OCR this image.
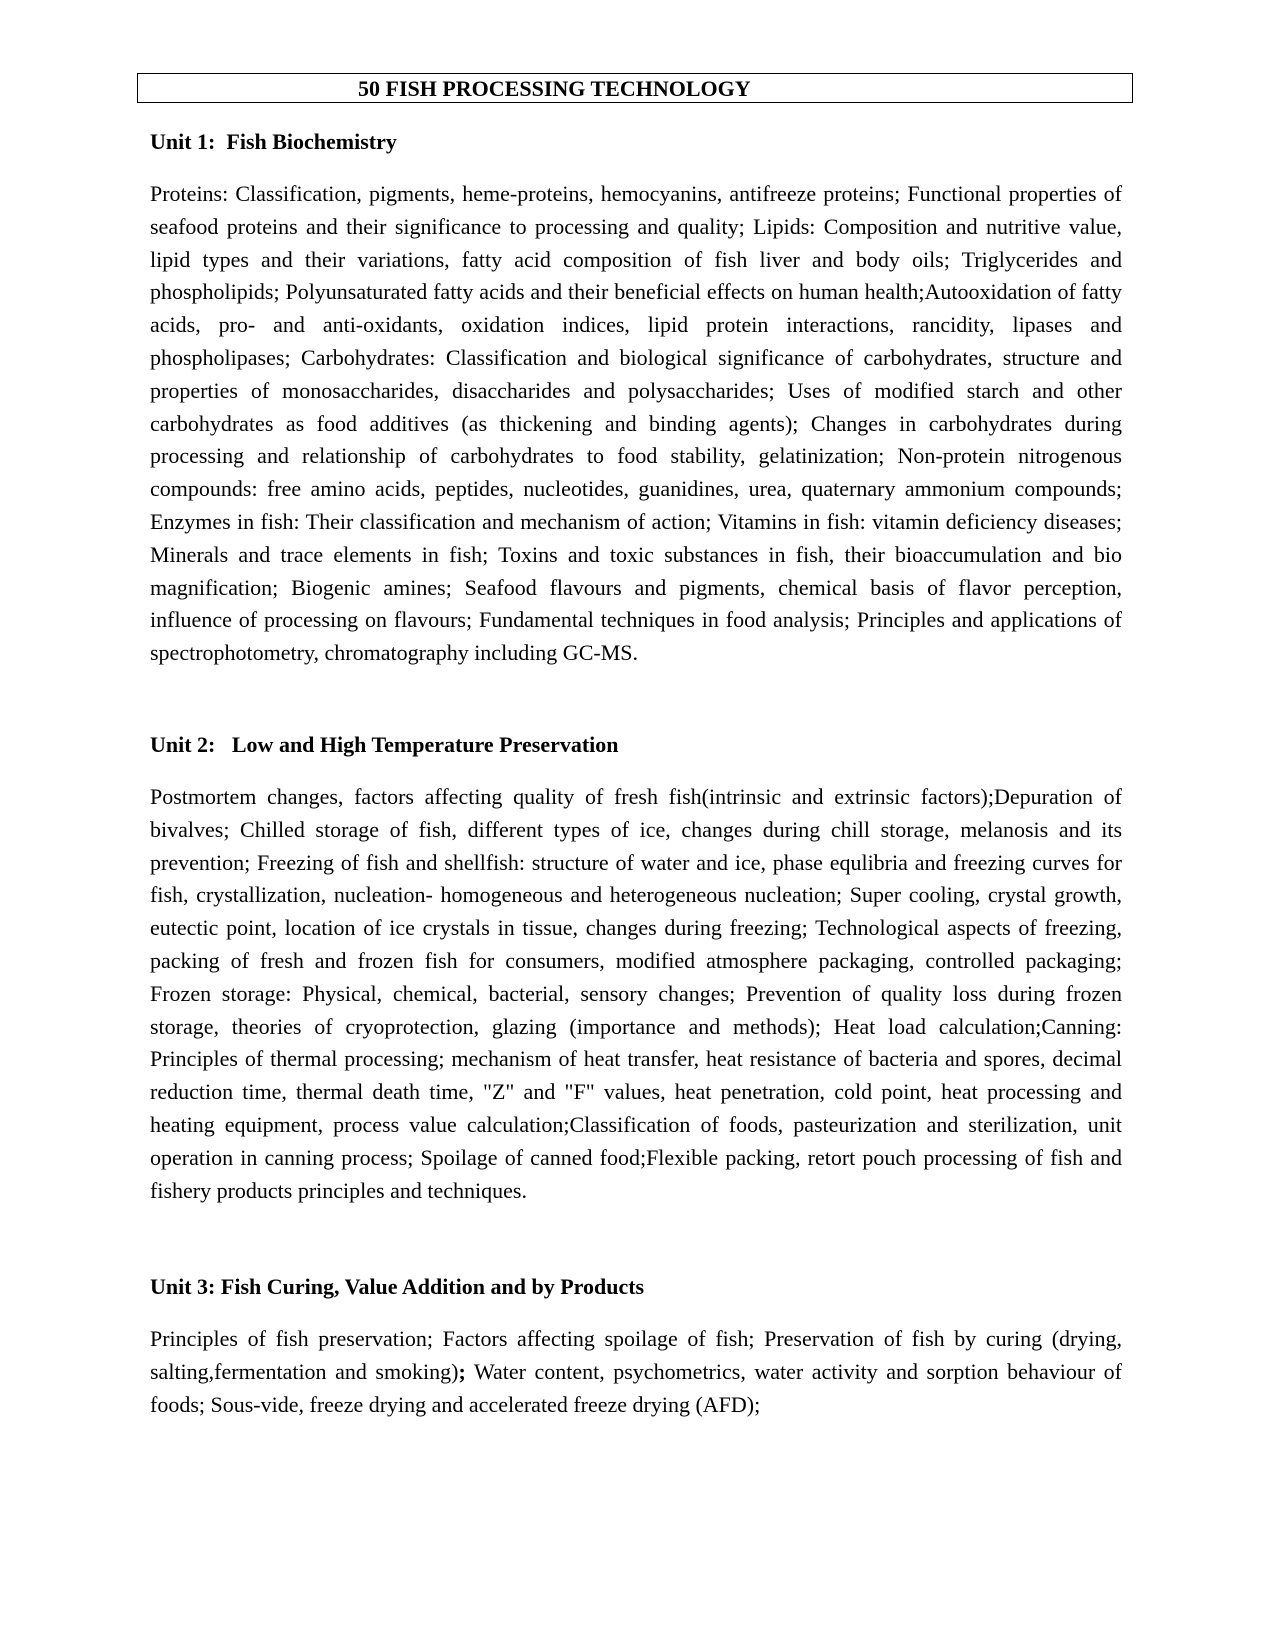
50 FISH PROCESSING TECHNOLOGY
Unit 1:  Fish Biochemistry

Proteins: Classification, pigments, heme-proteins, hemocyanins, antifreeze proteins; Functional properties of seafood proteins and their significance to processing and quality; Lipids: Composition and nutritive value, lipid types and their variations, fatty acid composition of fish liver and body oils; Triglycerides and phospholipids; Polyunsaturated fatty acids and their beneficial effects on human health;Autooxidation of fatty acids, pro- and anti-oxidants, oxidation indices, lipid protein interactions, rancidity, lipases and phospholipases; Carbohydrates: Classification and biological significance of carbohydrates, structure and properties of monosaccharides, disaccharides and polysaccharides; Uses of modified starch and other carbohydrates as food additives (as thickening and binding agents); Changes in carbohydrates during processing and relationship of carbohydrates to food stability, gelatinization; Non-protein nitrogenous compounds: free amino acids, peptides, nucleotides, guanidines, urea, quaternary ammonium compounds; Enzymes in fish: Their classification and mechanism of action; Vitamins in fish: vitamin deficiency diseases; Minerals and trace elements in fish; Toxins and toxic substances in fish, their bioaccumulation and bio magnification; Biogenic amines; Seafood flavours and pigments, chemical basis of flavor perception, influence of processing on flavours; Fundamental techniques in food analysis; Principles and applications of spectrophotometry, chromatography including GC-MS.

Unit 2:   Low and High Temperature Preservation

Postmortem changes, factors affecting quality of fresh fish(intrinsic and extrinsic factors);Depuration of bivalves; Chilled storage of fish, different types of ice, changes during chill storage, melanosis and its prevention; Freezing of fish and shellfish: structure of water and ice, phase equlibria and freezing curves for fish, crystallization, nucleation- homogeneous and heterogeneous nucleation; Super cooling, crystal growth, eutectic point, location of ice crystals in tissue, changes during freezing; Technological aspects of freezing, packing of fresh and frozen fish for consumers, modified atmosphere packaging, controlled packaging; Frozen storage: Physical, chemical, bacterial, sensory changes; Prevention of quality loss during frozen storage, theories of cryoprotection, glazing (importance and methods); Heat load calculation;Canning: Principles of thermal processing; mechanism of heat transfer, heat resistance of bacteria and spores, decimal reduction time, thermal death time, "Z" and "F" values, heat penetration, cold point, heat processing and heating equipment, process value calculation;Classification of foods, pasteurization and sterilization, unit operation in canning process; Spoilage of canned food;Flexible packing, retort pouch processing of fish and fishery products principles and techniques.

Unit 3: Fish Curing, Value Addition and by Products

Principles of fish preservation; Factors affecting spoilage of fish; Preservation of fish by curing (drying, salting,fermentation and smoking); Water content, psychometrics, water activity and sorption behaviour of foods; Sous-vide, freeze drying and accelerated freeze drying (AFD);
